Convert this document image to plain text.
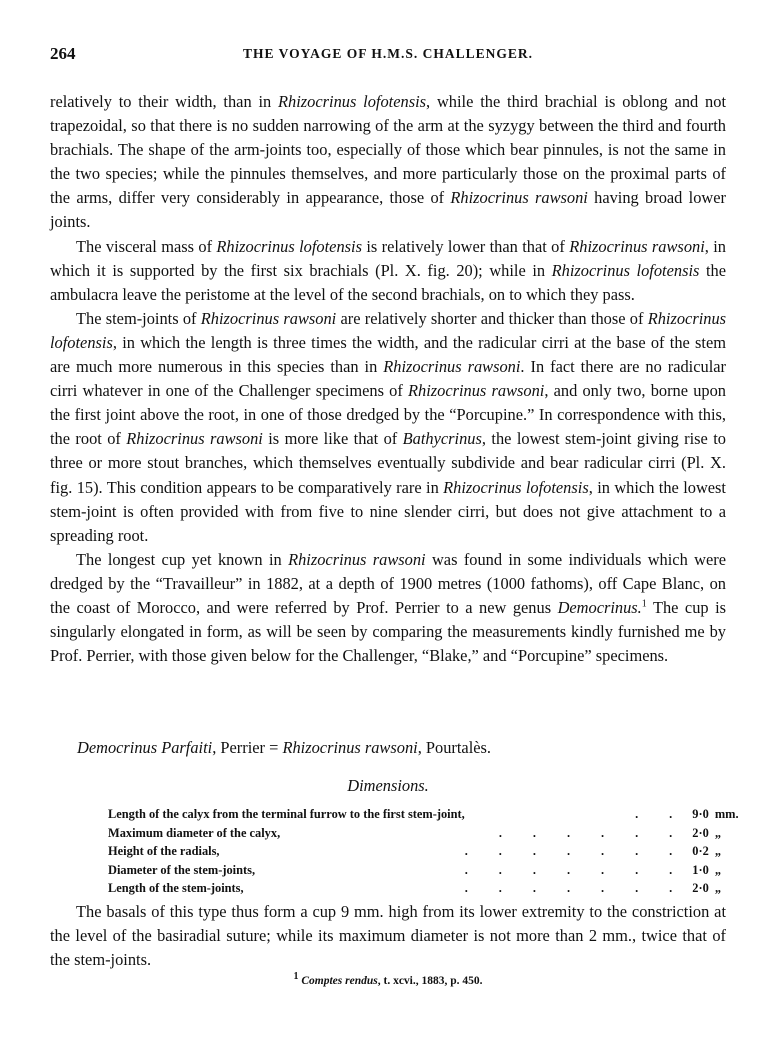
264	THE VOYAGE OF H.M.S. CHALLENGER.

relatively to their width, than in Rhizocrinus lofotensis, while the third brachial is oblong and not trapezoidal, so that there is no sudden narrowing of the arm at the syzygy between the third and fourth brachials. The shape of the arm-joints too, especially of those which bear pinnules, is not the same in the two species; while the pinnules themselves, and more particularly those on the proximal parts of the arms, differ very considerably in appearance, those of Rhizocrinus rawsoni having broad lower joints.

The visceral mass of Rhizocrinus lofotensis is relatively lower than that of Rhizocrinus rawsoni, in which it is supported by the first six brachials (Pl. X. fig. 20); while in Rhizocrinus lofotensis the ambulacra leave the peristome at the level of the second brachials, on to which they pass.

The stem-joints of Rhizocrinus rawsoni are relatively shorter and thicker than those of Rhizocrinus lofotensis, in which the length is three times the width, and the radicular cirri at the base of the stem are much more numerous in this species than in Rhizocrinus rawsoni. In fact there are no radicular cirri whatever in one of the Challenger specimens of Rhizocrinus rawsoni, and only two, borne upon the first joint above the root, in one of those dredged by the “Porcupine.” In correspondence with this, the root of Rhizocrinus rawsoni is more like that of Bathycrinus, the lowest stem-joint giving rise to three or more stout branches, which themselves eventually subdivide and bear radicular cirri (Pl. X. fig. 15). This condition appears to be comparatively rare in Rhizocrinus lofotensis, in which the lowest stem-joint is often provided with from five to nine slender cirri, but does not give attachment to a spreading root.

The longest cup yet known in Rhizocrinus rawsoni was found in some individuals which were dredged by the “Travailleur” in 1882, at a depth of 1900 metres (1000 fathoms), off Cape Blanc, on the coast of Morocco, and were referred by Prof. Perrier to a new genus Democrinus.$^1$ The cup is singularly elongated in form, as will be seen by comparing the measurements kindly furnished me by Prof. Perrier, with those given below for the Challenger, “Blake,” and “Porcupine” specimens.

Democrinus Parfaiti, Perrier = Rhizocrinus rawsoni, Pourtalès.
Dimensions.
Length of the calyx from the terminal furrow to the first stem-joint,	.   .	9·0	mm.
Maximum diameter of the calyx,	.   .   .   .   .   .	2·0	„
Height of the radials,	.   .   .   .   .   .   .	0·2	„
Diameter of the stem-joints,	.   .   .   .   .   .   .	1·0	„
Length of the stem-joints,	.   .   .   .   .   .   .	2·0	„

The basals of this type thus form a cup 9 mm. high from its lower extremity to the constriction at the level of the basiradial suture; while its maximum diameter is not more than 2 mm., twice that of the stem-joints.

$^1$ Comptes rendus, t. xcvi., 1883, p. 450.
